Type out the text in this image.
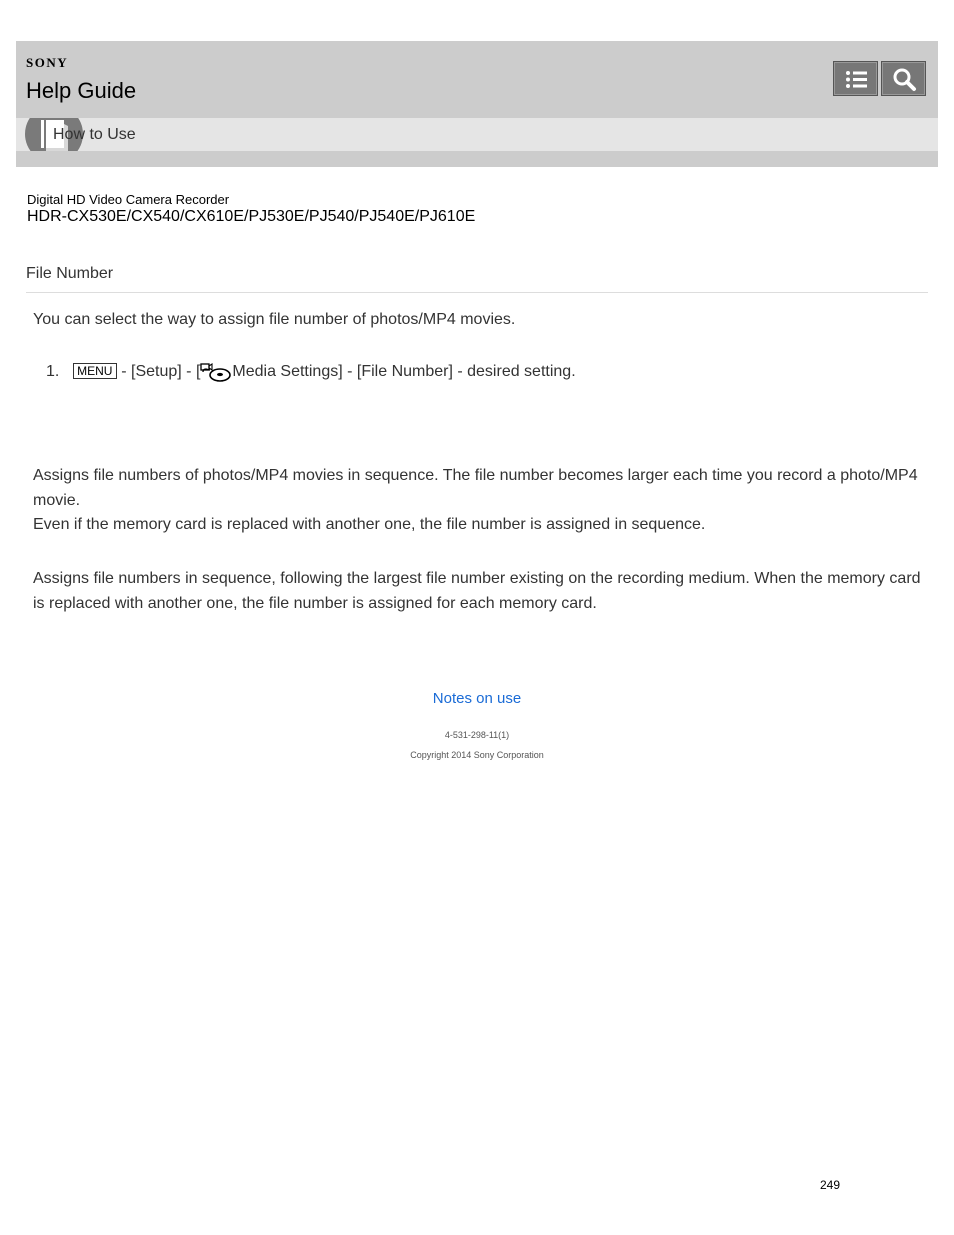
SONY
Help Guide
How to Use
Digital HD Video Camera Recorder
HDR-CX530E/CX540/CX610E/PJ530E/PJ540/PJ540E/PJ610E
File Number
You can select the way to assign file number of photos/MP4 movies.
1. MENU - [Setup] - [ Media Settings] - [File Number] - desired setting.
Assigns file numbers of photos/MP4 movies in sequence. The file number becomes larger each time you record a photo/MP4 movie.
Even if the memory card is replaced with another one, the file number is assigned in sequence.
Assigns file numbers in sequence, following the largest file number existing on the recording medium. When the memory card is replaced with another one, the file number is assigned for each memory card.
Notes on use
4-531-298-11(1)
Copyright 2014 Sony Corporation
249
